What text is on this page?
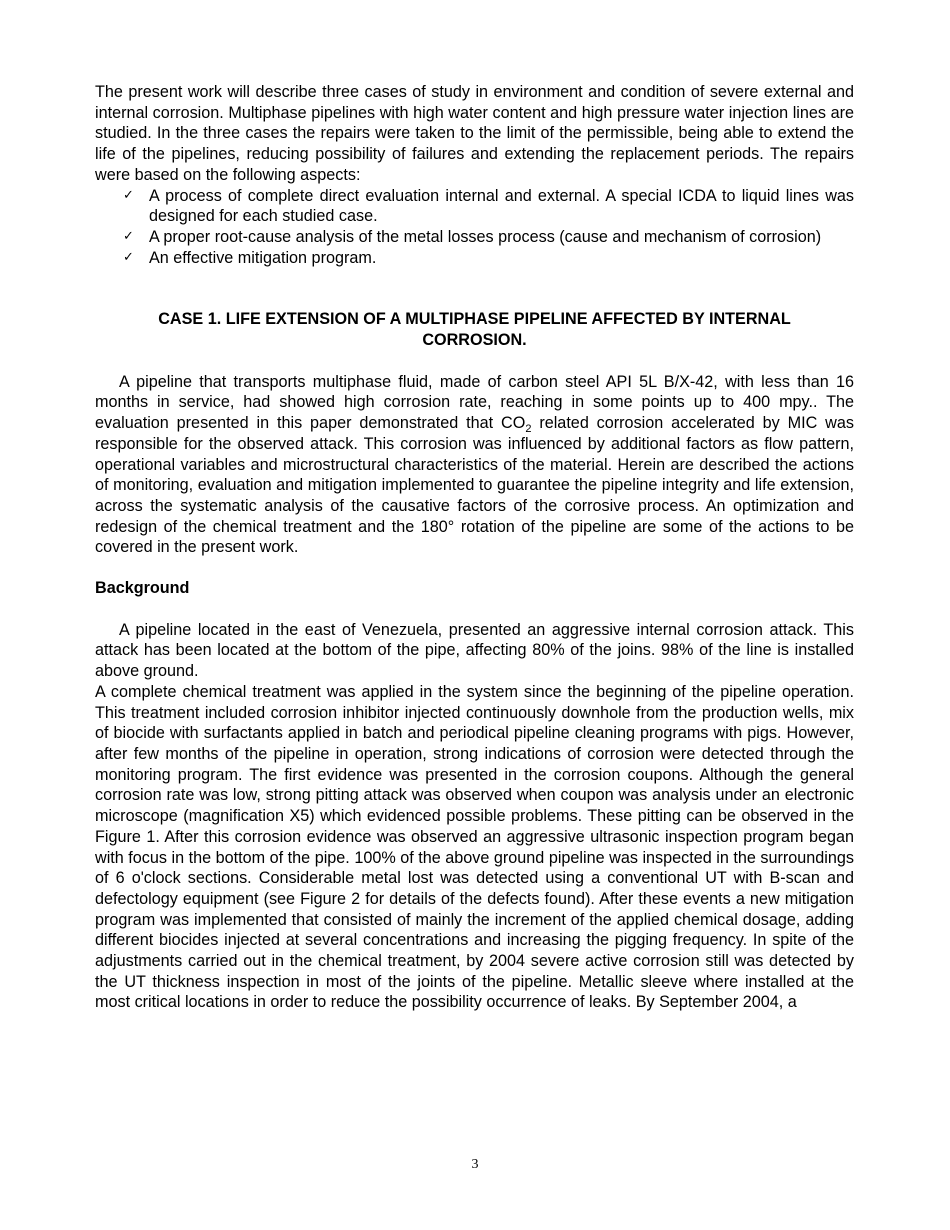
The present work will describe three cases of study in environment and condition of severe external and internal corrosion. Multiphase pipelines with high water content and high pressure water injection lines are studied. In the three cases the repairs were taken to the limit of the permissible, being able to extend the life of the pipelines, reducing possibility of failures and extending the replacement periods. The repairs were based on the following aspects:

✓ A process of complete direct evaluation internal and external. A special ICDA to liquid lines was designed for each studied case.
✓ A proper root-cause analysis of the metal losses process (cause and mechanism of corrosion)
✓ An effective mitigation program.
CASE 1. LIFE EXTENSION OF A MULTIPHASE PIPELINE AFFECTED BY INTERNAL CORROSION.

A pipeline that transports multiphase fluid, made of carbon steel API 5L B/X-42, with less than 16 months in service, had showed high corrosion rate, reaching in some points up to 400 mpy.. The evaluation presented in this paper demonstrated that $CO_2$ related corrosion accelerated by MIC was responsible for the observed attack. This corrosion was influenced by additional factors as flow pattern, operational variables and microstructural characteristics of the material. Herein are described the actions of monitoring, evaluation and mitigation implemented to guarantee the pipeline integrity and life extension, across the systematic analysis of the causative factors of the corrosive process. An optimization and redesign of the chemical treatment and the 180° rotation of the pipeline are some of the actions to be covered in the present work.

Background

A pipeline located in the east of Venezuela, presented an aggressive internal corrosion attack. This attack has been located at the bottom of the pipe, affecting 80% of the joins. 98% of the line is installed above ground.

A complete chemical treatment was applied in the system since the beginning of the pipeline operation. This treatment included corrosion inhibitor injected continuously downhole from the production wells, mix of biocide with surfactants applied in batch and periodical pipeline cleaning programs with pigs. However, after few months of the pipeline in operation, strong indications of corrosion were detected through the monitoring program. The first evidence was presented in the corrosion coupons. Although the general corrosion rate was low, strong pitting attack was observed when coupon was analysis under an electronic microscope (magnification X5) which evidenced possible problems. These pitting can be observed in the Figure 1. After this corrosion evidence was observed an aggressive ultrasonic inspection program began with focus in the bottom of the pipe. 100% of the above ground pipeline was inspected in the surroundings of 6 o'clock sections. Considerable metal lost was detected using a conventional UT with B-scan and defectology equipment (see Figure 2 for details of the defects found). After these events a new mitigation program was implemented that consisted of mainly the increment of the applied chemical dosage, adding different biocides injected at several concentrations and increasing the pigging frequency. In spite of the adjustments carried out in the chemical treatment, by 2004 severe active corrosion still was detected by the UT thickness inspection in most of the joints of the pipeline. Metallic sleeve where installed at the most critical locations in order to reduce the possibility occurrence of leaks. By September 2004, a

3
